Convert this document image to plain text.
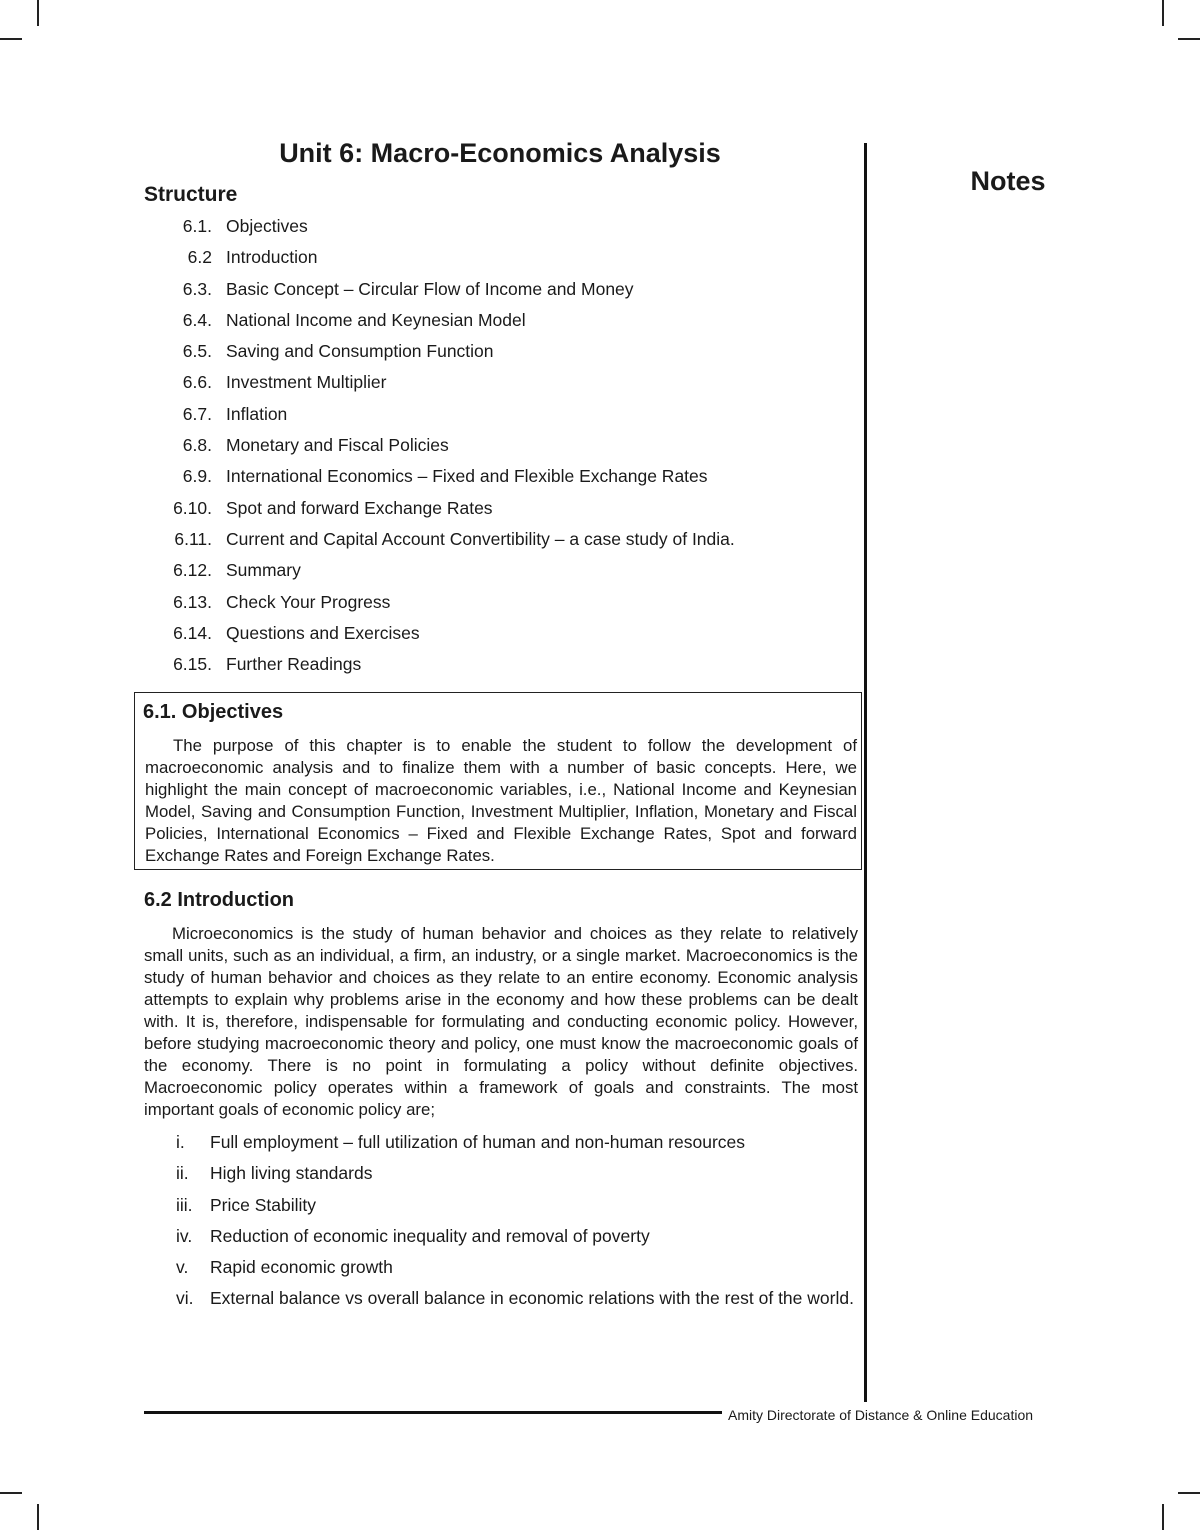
Unit 6: Macro-Economics Analysis
Notes
Structure
6.1. Objectives
6.2 Introduction
6.3. Basic Concept – Circular Flow of Income and Money
6.4. National Income and Keynesian Model
6.5. Saving and Consumption Function
6.6. Investment Multiplier
6.7. Inflation
6.8. Monetary and Fiscal Policies
6.9. International Economics – Fixed and Flexible Exchange Rates
6.10. Spot and forward Exchange Rates
6.11. Current and Capital Account Convertibility – a case study of India.
6.12. Summary
6.13. Check Your Progress
6.14. Questions and Exercises
6.15. Further Readings
6.1. Objectives

The purpose of this chapter is to enable the student to follow the development of macroeconomic analysis and to finalize them with a number of basic concepts. Here, we highlight the main concept of macroeconomic variables, i.e., National Income and Keynesian Model, Saving and Consumption Function, Investment Multiplier, Inflation, Monetary and Fiscal Policies, International Economics – Fixed and Flexible Exchange Rates, Spot and forward Exchange Rates and Foreign Exchange Rates.

6.2 Introduction

Microeconomics is the study of human behavior and choices as they relate to relatively small units, such as an individual, a firm, an industry, or a single market. Macroeconomics is the study of human behavior and choices as they relate to an entire economy. Economic analysis attempts to explain why problems arise in the economy and how these problems can be dealt with. It is, therefore, indispensable for formulating and conducting economic policy. However, before studying macroeconomic theory and policy, one must know the macroeconomic goals of the economy. There is no point in formulating a policy without definite objectives. Macroeconomic policy operates within a framework of goals and constraints. The most important goals of economic policy are;

i. Full employment – full utilization of human and non-human resources
ii. High living standards
iii. Price Stability
iv. Reduction of economic inequality and removal of poverty
v. Rapid economic growth
vi. External balance vs overall balance in economic relations with the rest of the world.
Amity Directorate of Distance & Online Education
